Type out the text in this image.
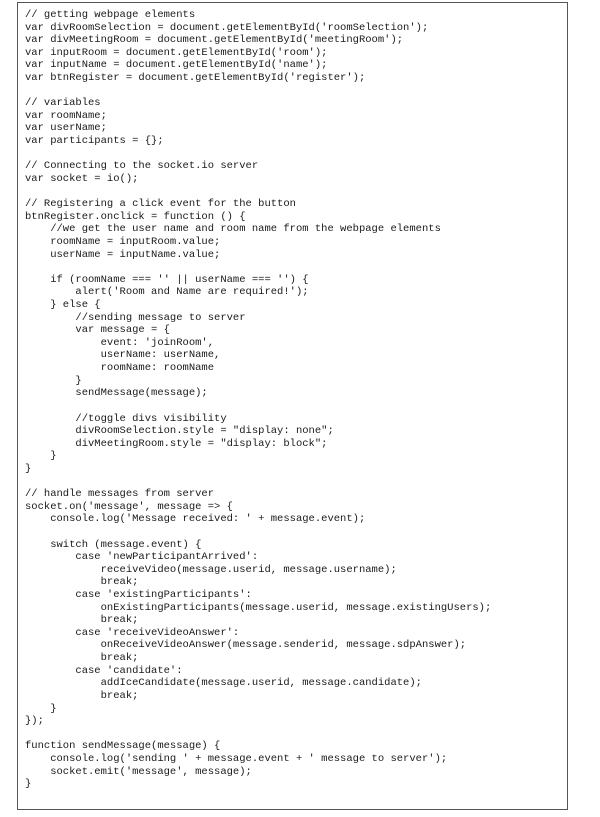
// getting webpage elements
var divRoomSelection = document.getElementById('roomSelection');
var divMeetingRoom = document.getElementById('meetingRoom');
var inputRoom = document.getElementById('room');
var inputName = document.getElementById('name');
var btnRegister = document.getElementById('register');
// variables
var roomName;
var userName;
var participants = {};
// Connecting to the socket.io server
var socket = io();
// Registering a click event for the button
btnRegister.onclick = function () {
//we get the user name and room name from the webpage elements
roomName = inputRoom.value;
userName = inputName.value;
if (roomName === '' || userName === '') {
alert('Room and Name are required!');
} else {
//sending message to server
var message = {
event: 'joinRoom',
userName: userName,
roomName: roomName
}
sendMessage(message);
//toggle divs visibility
divRoomSelection.style = "display: none";
divMeetingRoom.style = "display: block";
}
}
// handle messages from server
socket.on('message', message => {
console.log('Message received: ' + message.event);
switch (message.event) {
case 'newParticipantArrived':
receiveVideo(message.userid, message.username);
break;
case 'existingParticipants':
onExistingParticipants(message.userid, message.existingUsers);
break;
case 'receiveVideoAnswer':
onReceiveVideoAnswer(message.senderid, message.sdpAnswer);
break;
case 'candidate':
addIceCandidate(message.userid, message.candidate);
break;
}
});
function sendMessage(message) {
console.log('sending ' + message.event + ' message to server');
socket.emit('message', message);
}
